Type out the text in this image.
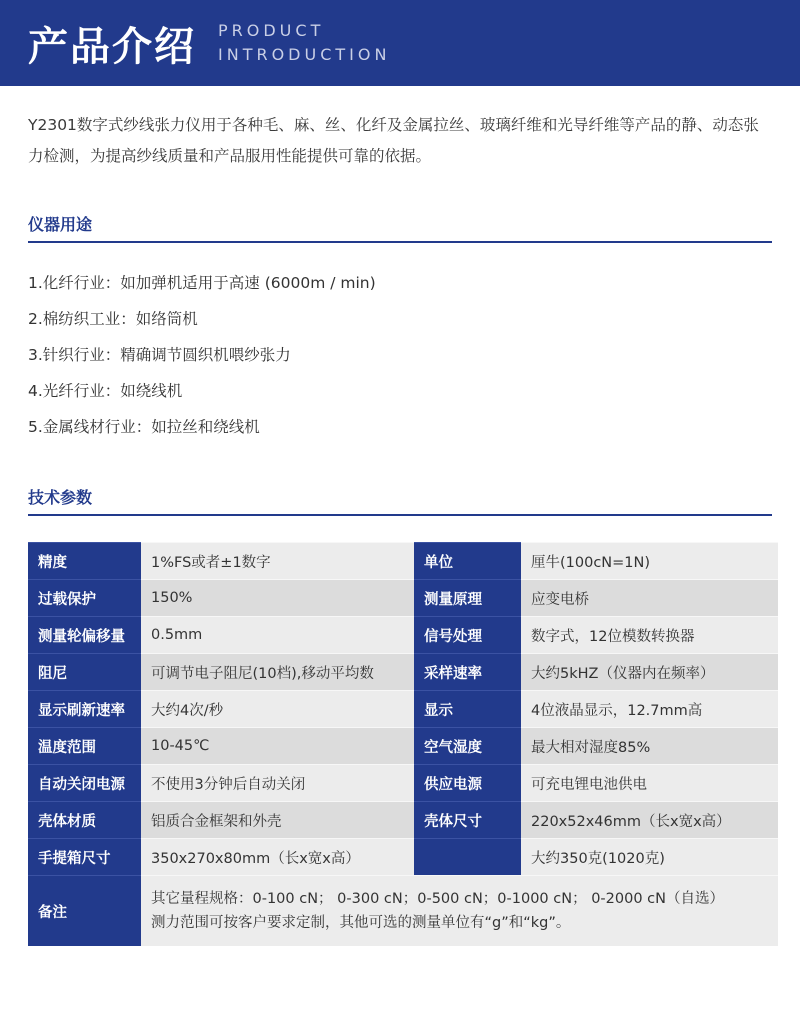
产品介绍 PRODUCT
INTRODUCTION

Y2301数字式纱线张力仪用于各种毛、麻、丝、化纤及金属拉丝、玻璃纤维和光导纤维等产品的静、动态张力检测，为提高纱线质量和产品服用性能提供可靠的依据。

仪器用途
1.化纤行业：如加弹机适用于高速 (6000m / min)
2.棉纺织工业：如络筒机
3.针织行业：精确调节圆织机喂纱张力
4.光纤行业：如绕线机
5.金属线材行业：如拉丝和绕线机
技术参数
精度	1%FS或者±1数字	单位	厘牛(100cN=1N)
过载保护	150%	测量原理	应变电桥
测量轮偏移量	0.5mm	信号处理	数字式，12位模数转换器
阻尼	可调节电子阻尼(10档),移动平均数	采样速率	大约5kHZ（仪器内在频率）
显示刷新速率	大约4次/秒	显示	4位液晶显示，12.7mm高
温度范围	10-45℃	空气湿度	最大相对湿度85%
自动关闭电源	不使用3分钟后自动关闭	供应电源	可充电锂电池供电
壳体材质	铝质合金框架和外壳	壳体尺寸	220x52x46mm（长x宽x高）
手提箱尺寸	350x270x80mm（长x宽x高）		大约350克(1020克)
备注	其它量程规格：0-100 cN； 0-300 cN；0-500 cN；0-1000 cN； 0-2000 cN（自选）
测力范围可按客户要求定制，其他可选的测量单位有“g”和“kg”。		
